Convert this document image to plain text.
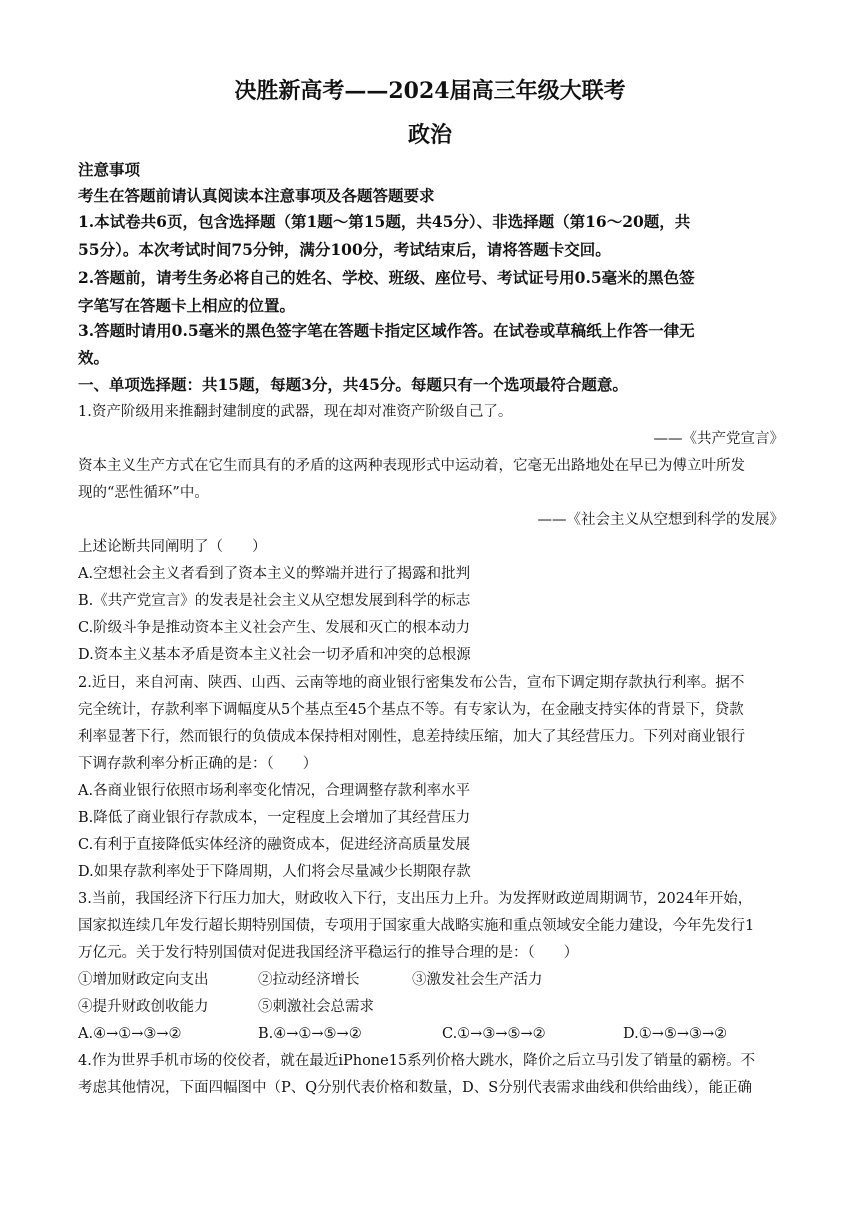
决胜新高考——2024届高三年级大联考
政治
注意事项
考生在答题前请认真阅读本注意事项及各题答题要求
1.本试卷共6页，包含选择题（第1题～第15题，共45分）、非选择题（第16～20题，共
55分）。本次考试时间75分钟，满分100分，考试结束后，请将答题卡交回。
2.答题前，请考生务必将自己的姓名、学校、班级、座位号、考试证号用0.5毫米的黑色签
字笔写在答题卡上相应的位置。
3.答题时请用0.5毫米的黑色签字笔在答题卡指定区域作答。在试卷或草稿纸上作答一律无
效。
一、单项选择题：共15题，每题3分，共45分。每题只有一个选项最符合题意。
1.资产阶级用来推翻封建制度的武器，现在却对准资产阶级自己了。
——《共产党宣言》
资本主义生产方式在它生而具有的矛盾的这两种表现形式中运动着，它毫无出路地处在早已为傅立叶所发
现的“恶性循环”中。
——《社会主义从空想到科学的发展》
上述论断共同阐明了（　　）
A.空想社会主义者看到了资本主义的弊端并进行了揭露和批判
B.《共产党宣言》的发表是社会主义从空想发展到科学的标志
C.阶级斗争是推动资本主义社会产生、发展和灭亡的根本动力
D.资本主义基本矛盾是资本主义社会一切矛盾和冲突的总根源
2.近日，来自河南、陕西、山西、云南等地的商业银行密集发布公告，宣布下调定期存款执行利率。据不
完全统计，存款利率下调幅度从5个基点至45个基点不等。有专家认为，在金融支持实体的背景下，贷款
利率显著下行，然而银行的负债成本保持相对刚性，息差持续压缩，加大了其经营压力。下列对商业银行
下调存款利率分析正确的是：（　　）
A.各商业银行依照市场利率变化情况，合理调整存款利率水平
B.降低了商业银行存款成本，一定程度上会增加了其经营压力
C.有利于直接降低实体经济的融资成本，促进经济高质量发展
D.如果存款利率处于下降周期，人们将会尽量减少长期限存款
3.当前，我国经济下行压力加大，财政收入下行，支出压力上升。为发挥财政逆周期调节，2024年开始，
国家拟连续几年发行超长期特别国债，专项用于国家重大战略实施和重点领域安全能力建设，今年先发行1
万亿元。关于发行特别国债对促进我国经济平稳运行的推导合理的是：（　　）
①增加财政定向支出	②拉动经济增长	③激发社会生产活力
④提升财政创收能力	⑤刺激社会总需求
A.④→①→③→②	B.④→①→⑤→②	C.①→③→⑤→②	D.①→⑤→③→②
4.作为世界手机市场的佼佼者，就在最近iPhone15系列价格大跳水，降价之后立马引发了销量的霸榜。不
考虑其他情况，下面四幅图中（P、Q分别代表价格和数量，D、S分别代表需求曲线和供给曲线），能正确
